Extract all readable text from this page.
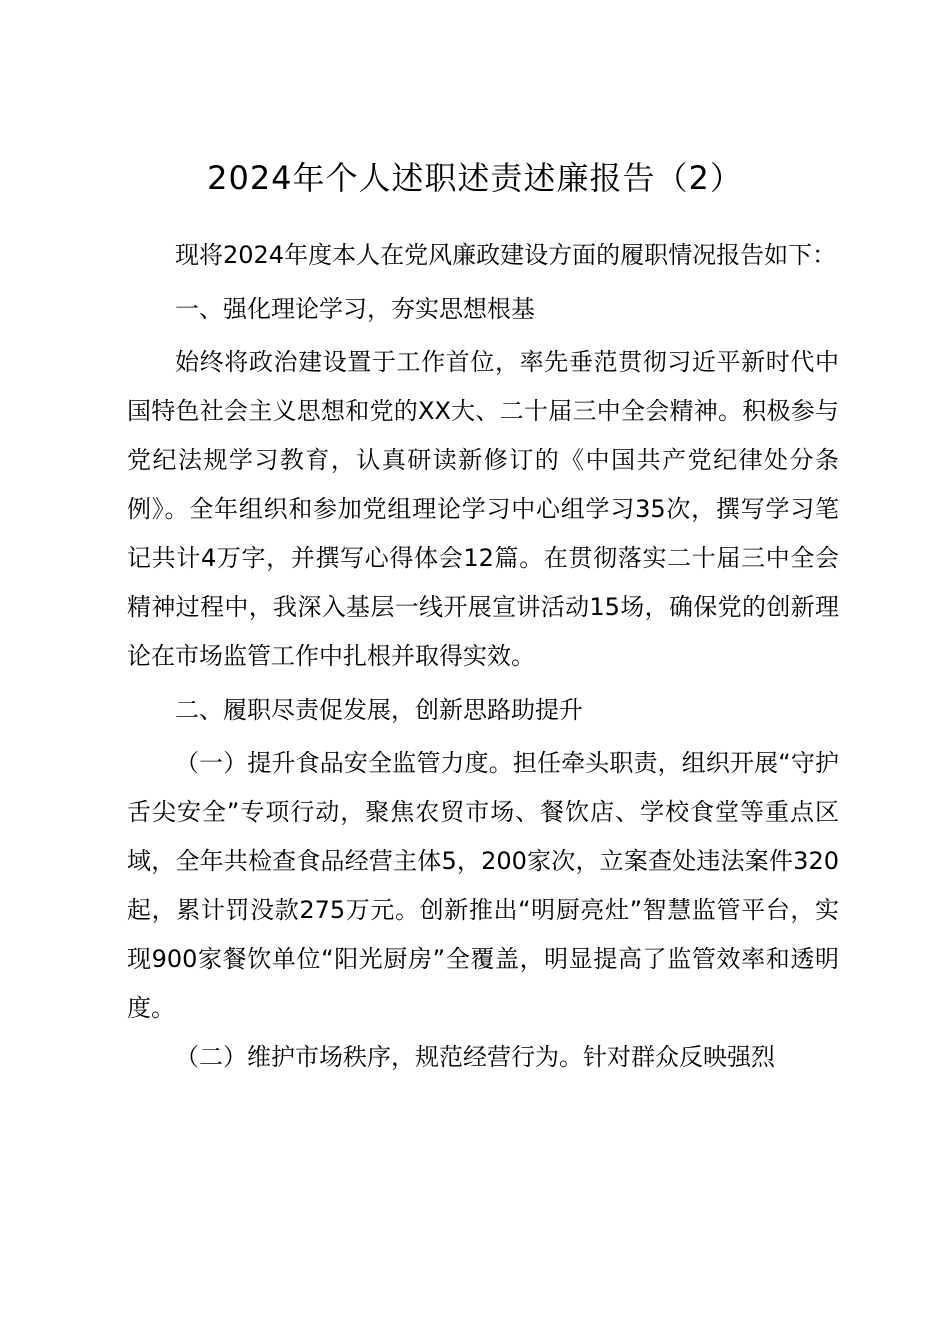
2024年个人述职述责述廉报告（2）

现将2024年度本人在党风廉政建设方面的履职情况报告如下：

一、强化理论学习，夯实思想根基

始终将政治建设置于工作首位，率先垂范贯彻习近平新时代中国特色社会主义思想和党的XX大、二十届三中全会精神。积极参与党纪法规学习教育，认真研读新修订的《中国共产党纪律处分条例》。全年组织和参加党组理论学习中心组学习35次，撰写学习笔记共计4万字，并撰写心得体会12篇。在贯彻落实二十届三中全会精神过程中，我深入基层一线开展宣讲活动15场，确保党的创新理论在市场监管工作中扎根并取得实效。

二、履职尽责促发展，创新思路助提升

（一）提升食品安全监管力度。担任牵头职责，组织开展“守护舌尖安全”专项行动，聚焦农贸市场、餐饮店、学校食堂等重点区域，全年共检查食品经营主体5，200家次，立案查处违法案件320起，累计罚没款275万元。创新推出“明厨亮灶”智慧监管平台，实现900家餐饮单位“阳光厨房”全覆盖，明显提高了监管效率和透明度。

（二）维护市场秩序，规范经营行为。针对群众反映强烈
